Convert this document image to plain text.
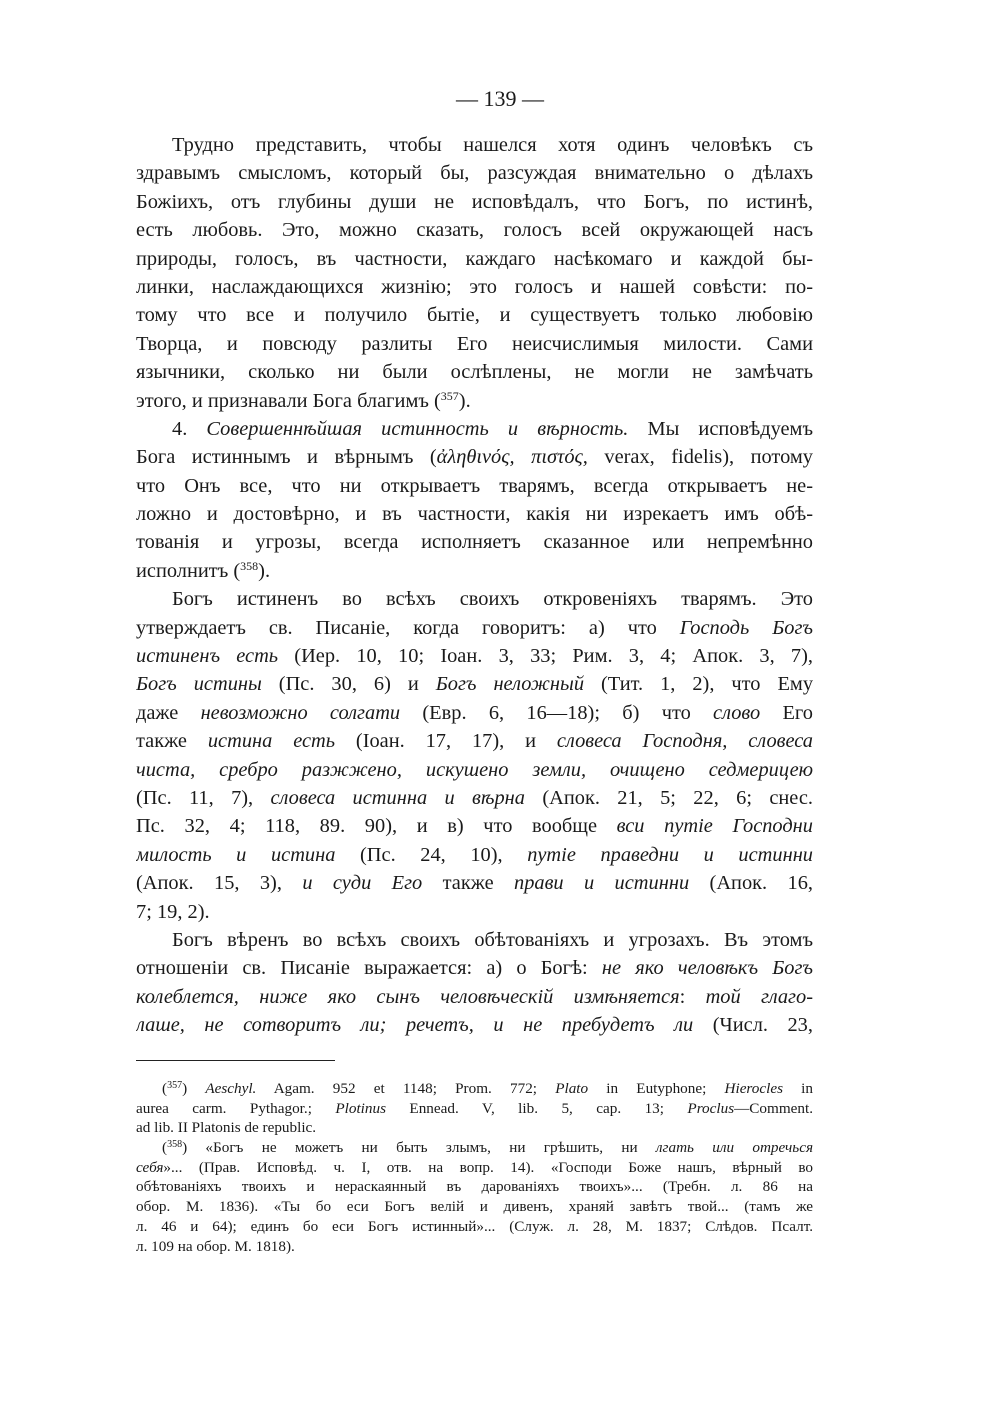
— 139 —
Трудно представить, чтобы нашелся хотя одинъ человѣкъ съ
здравымъ смысломъ, который бы, разсуждая внимательно о дѣлахъ
Божіихъ, отъ глубины души не исповѣдалъ, что Богъ, по истинѣ,
есть любовь. Это, можно сказать, голосъ всей окружающей насъ
природы, голосъ, въ частности, каждаго насѣкомаго и каждой бы-
линки, наслаждающихся жизнію; это голосъ и нашей совѣсти: по-
тому что все и получило бытіе, и существуетъ только любовію
Творца, и повсюду разлиты Его неисчислимыя милости. Сами
язычники, сколько ни были ослѣплены, не могли не замѣчать
этого, и признавали Бога благимъ ($^{357}$).
4. Совершеннѣйшая истинность и вѣрность. Мы исповѣдуемъ
Бога истиннымъ и вѣрнымъ (ἀληθινός, πιστός, verax, fidelis), потому
что Онъ все, что ни открываетъ тварямъ, всегда открываетъ не-
ложно и достовѣрно, и въ частности, какія ни изрекаетъ имъ обѣ-
тованія и угрозы, всегда исполняетъ сказанное или непремѣнно
исполнитъ ($^{358}$).
Богъ истиненъ во всѣхъ своихъ откровеніяхъ тварямъ. Это
утверждаетъ св. Писаніе, когда говоритъ: а) что Господь Богъ
истиненъ есть (Иер. 10, 10; Іоан. 3, 33; Рим. 3, 4; Апок. 3, 7),
Богъ истины (Пс. 30, 6) и Богъ неложный (Тит. 1, 2), что Ему
даже невозможно солгати (Евр. 6, 16—18); б) что слово Его
также истина есть (Іоан. 17, 17), и словеса Господня, словеса
чиста, сребро разжжено, искушено земли, очищено седмерицею
(Пс. 11, 7), словеса истинна и вѣрна (Апок. 21, 5; 22, 6; снес.
Пс. 32, 4; 118, 89. 90), и в) что вообще вси путіе Господни
милость и истина (Пс. 24, 10), путіе праведни и истинни
(Апок. 15, 3), и суди Его также прави и истинни (Апок. 16,
7; 19, 2).
Богъ вѣренъ во всѣхъ своихъ обѣтованіяхъ и угрозахъ. Въ этомъ
отношеніи св. Писаніе выражается: а) о Богѣ: не яко человѣкъ Богъ
колеблется, ниже яко сынъ человѣческій измѣняется: той глаго-
лаше, не сотворитъ ли; речетъ, и не пребудетъ ли (Числ. 23,
($^{357}$) Aeschyl. Agam. 952 et 1148; Prom. 772; Plato in Eutyphone; Hierocles in
aurea carm. Pythagor.; Plotinus Ennead. V, lib. 5, cap. 13; Proclus—Comment.
ad lib. II Platonis de republic.
($^{358}$) «Богъ не можетъ ни быть злымъ, ни грѣшить, ни лгать или отречься
себя»... (Прав. Исповѣд. ч. I, отв. на вопр. 14). «Господи Боже нашъ, вѣрный во
обѣтованіяхъ твоихъ и нераскаянный въ дарованіяхъ твоихъ»... (Требн. л. 86 на
обор. М. 1836). «Ты бо еси Богъ велій и дивенъ, храняй завѣтъ твой... (тамъ же
л. 46 и 64); единъ бо еси Богъ истинный»... (Служ. л. 28, М. 1837; Слѣдов. Псалт.
л. 109 на обор. М. 1818).
